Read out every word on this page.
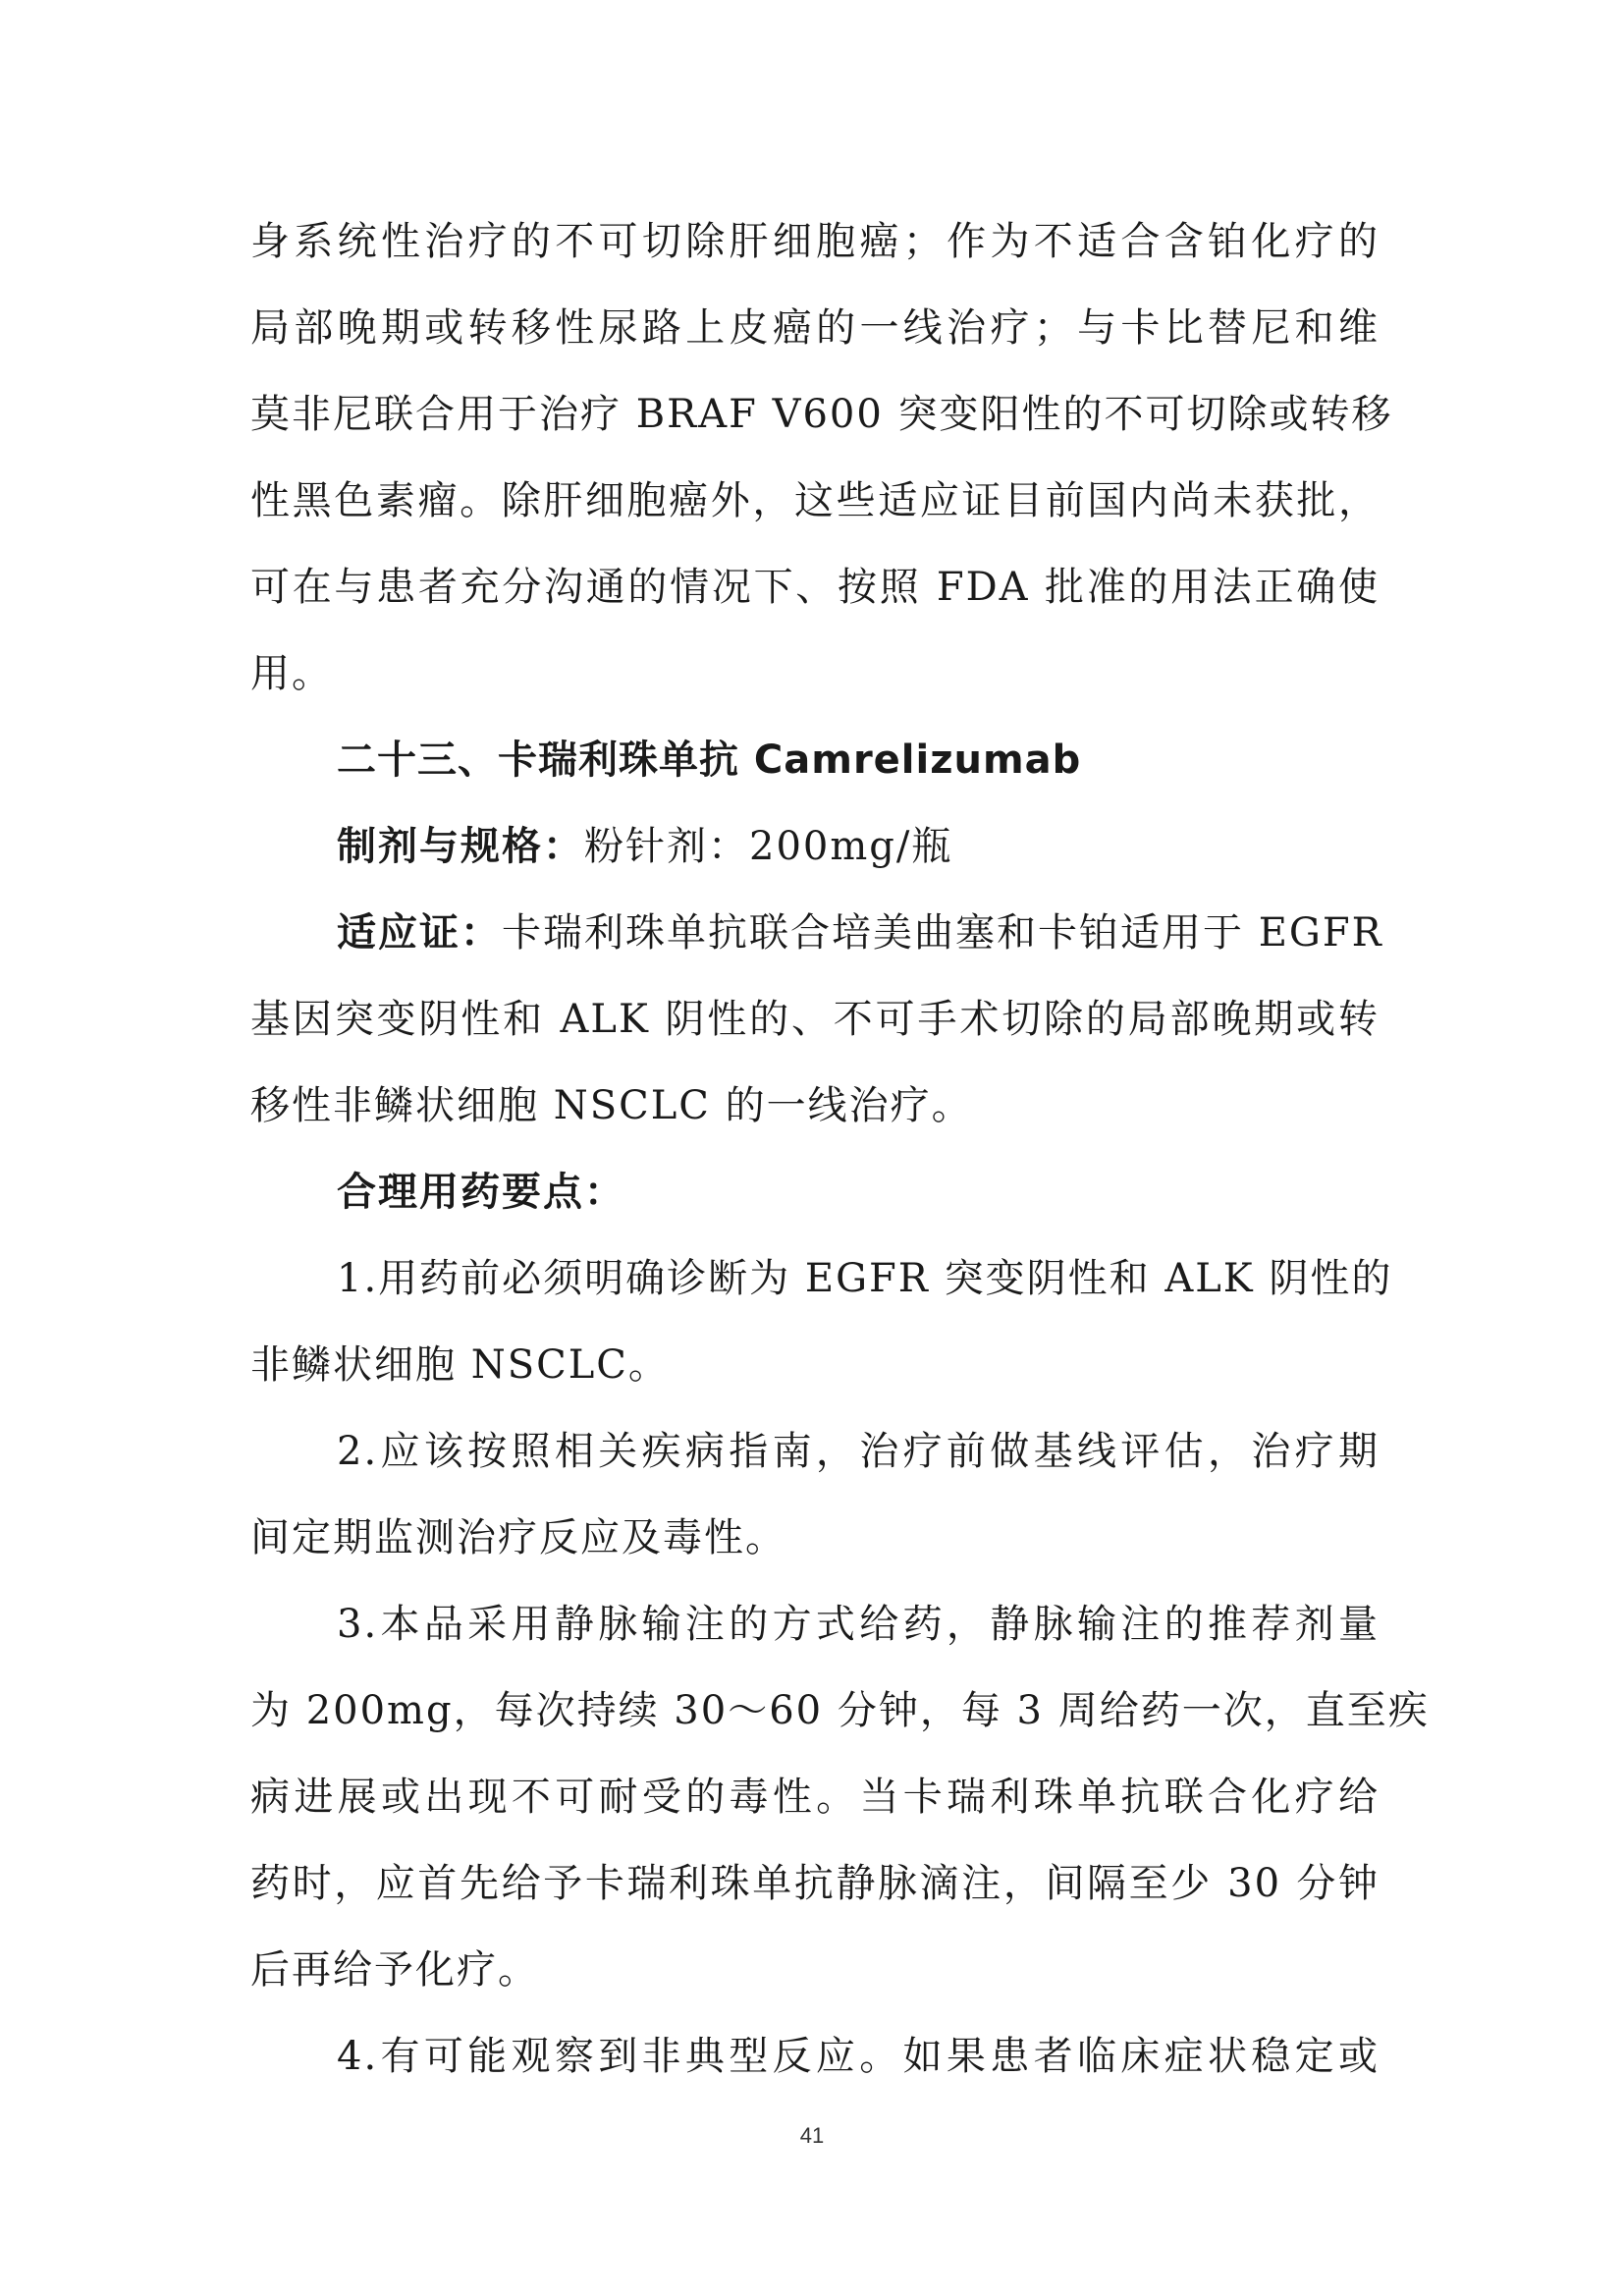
身系统性治疗的不可切除肝细胞癌；作为不适合含铂化疗的
局部晚期或转移性尿路上皮癌的一线治疗；与卡比替尼和维
莫非尼联合用于治疗 BRAF V600 突变阳性的不可切除或转移
性黑色素瘤。除肝细胞癌外，这些适应证目前国内尚未获批，
可在与患者充分沟通的情况下、按照 FDA 批准的用法正确使
用。
二十三、卡瑞利珠单抗 Camrelizumab
制剂与规格：粉针剂：200mg/瓶
适应证：卡瑞利珠单抗联合培美曲塞和卡铂适用于 EGFR
基因突变阴性和 ALK 阴性的、不可手术切除的局部晚期或转
移性非鳞状细胞 NSCLC 的一线治疗。
合理用药要点：
1.用药前必须明确诊断为 EGFR 突变阴性和 ALK 阴性的
非鳞状细胞 NSCLC。
2.应该按照相关疾病指南，治疗前做基线评估，治疗期
间定期监测治疗反应及毒性。
3.本品采用静脉输注的方式给药，静脉输注的推荐剂量
为 200mg，每次持续 30～60 分钟，每 3 周给药一次，直至疾
病进展或出现不可耐受的毒性。当卡瑞利珠单抗联合化疗给
药时，应首先给予卡瑞利珠单抗静脉滴注，间隔至少 30 分钟
后再给予化疗。
4.有可能观察到非典型反应。如果患者临床症状稳定或
41
